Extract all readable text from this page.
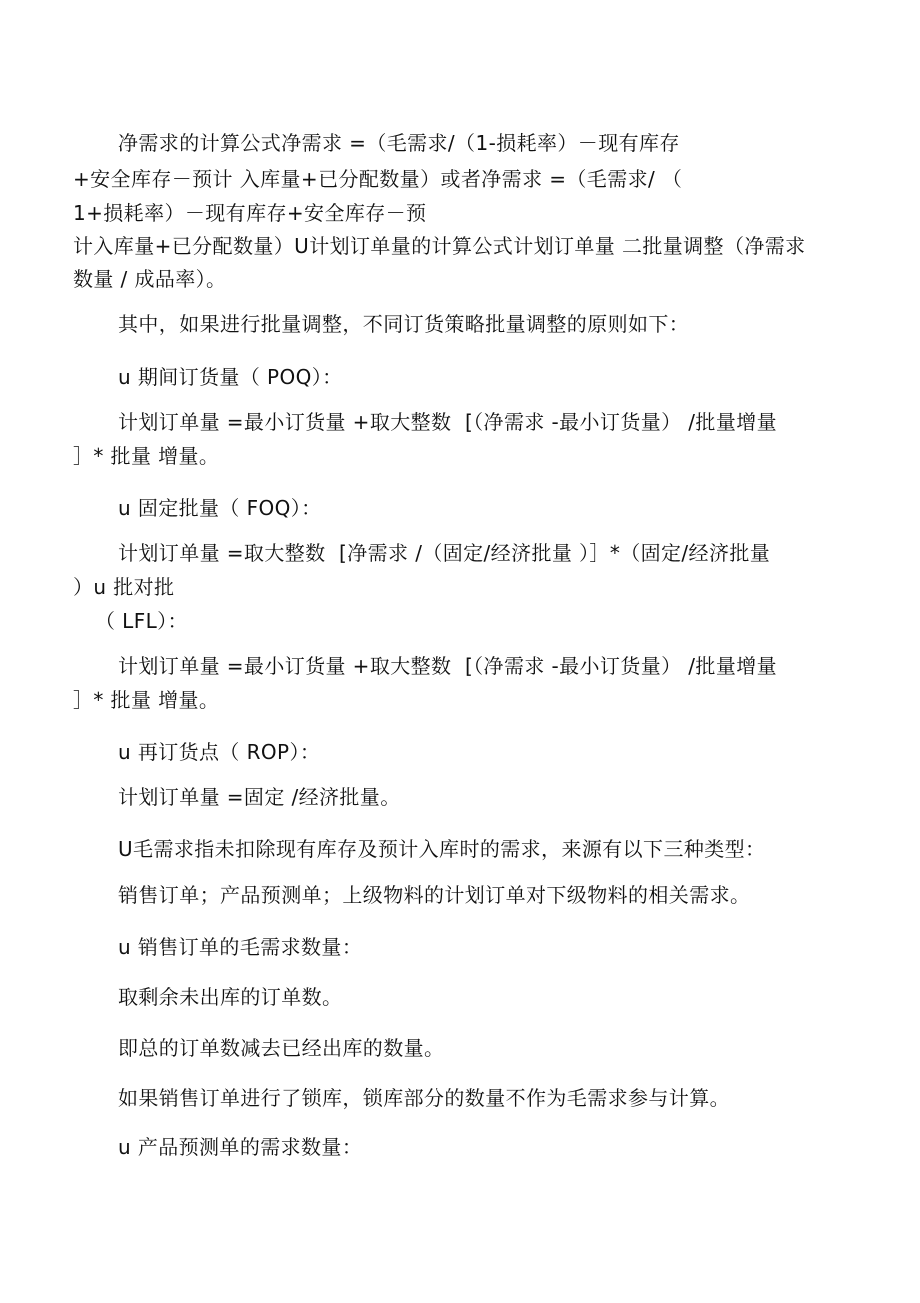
净需求的计算公式净需求 =（毛需求/（1-损耗率）－现有库存
+安全库存－预计 入库量+已分配数量）或者净需求 =（毛需求/ （
1+损耗率）－现有库存+安全库存－预
计入库量+已分配数量）U计划订单量的计算公式计划订单量 二批量调整（净需求
数量 / 成品率）。
其中，如果进行批量调整，不同订货策略批量调整的原则如下：
u 期间订货量（ POQ）：
计划订单量 =最小订货量 +取大整数  [（净需求 -最小订货量） /批量增量
］* 批量 增量。
u 固定批量（ FOQ）：
计划订单量 =取大整数  [净需求 /（固定/经济批量 ）］*（固定/经济批量
）u 批对批
（ LFL）：
计划订单量 =最小订货量 +取大整数  [（净需求 -最小订货量） /批量增量
］* 批量 增量。
u 再订货点（ ROP）：
计划订单量 =固定 /经济批量。
U毛需求指未扣除现有库存及预计入库时的需求，来源有以下三种类型：
销售订单；产品预测单；上级物料的计划订单对下级物料的相关需求。
u 销售订单的毛需求数量：
取剩余未出库的订单数。
即总的订单数减去已经出库的数量。
如果销售订单进行了锁库，锁库部分的数量不作为毛需求参与计算。
u 产品预测单的需求数量：
